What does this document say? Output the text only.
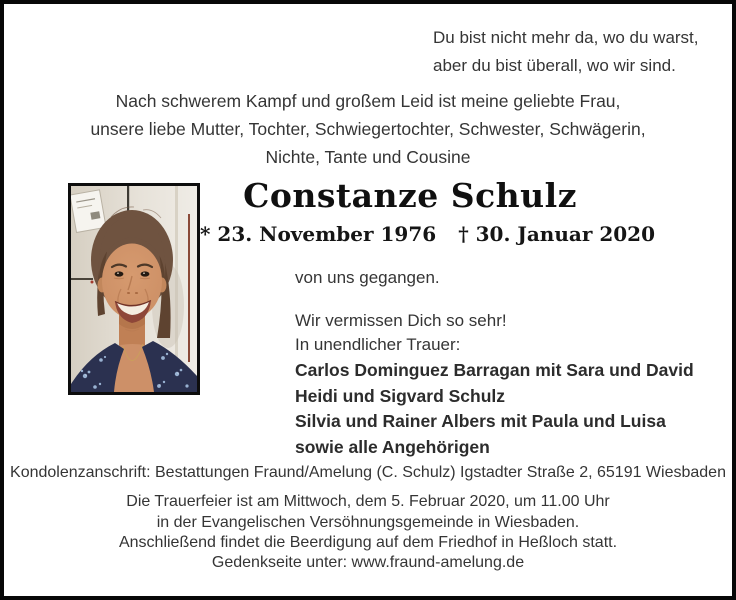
Du bist nicht mehr da, wo du warst,
aber du bist überall, wo wir sind.
Nach schwerem Kampf und großem Leid ist meine geliebte Frau,
unsere liebe Mutter, Tochter, Schwiegertochter, Schwester, Schwägerin,
Nichte, Tante und Cousine
Constanze Schulz
* 23. November 1976 † 30. Januar 2020
von uns gegangen.
Wir vermissen Dich so sehr!
In unendlicher Trauer:
Carlos Dominguez Barragan mit Sara und David
Heidi und Sigvard Schulz
Silvia und Rainer Albers mit Paula und Luisa
sowie alle Angehörigen
Kondolenzanschrift: Bestattungen Fraund/Amelung (C. Schulz) Igstadter Straße 2, 65191 Wiesbaden
Die Trauerfeier ist am Mittwoch, dem 5. Februar 2020, um 11.00 Uhr
in der Evangelischen Versöhnungsgemeinde in Wiesbaden.
Anschließend findet die Beerdigung auf dem Friedhof in Heßloch statt.
Gedenkseite unter: www.fraund-amelung.de
